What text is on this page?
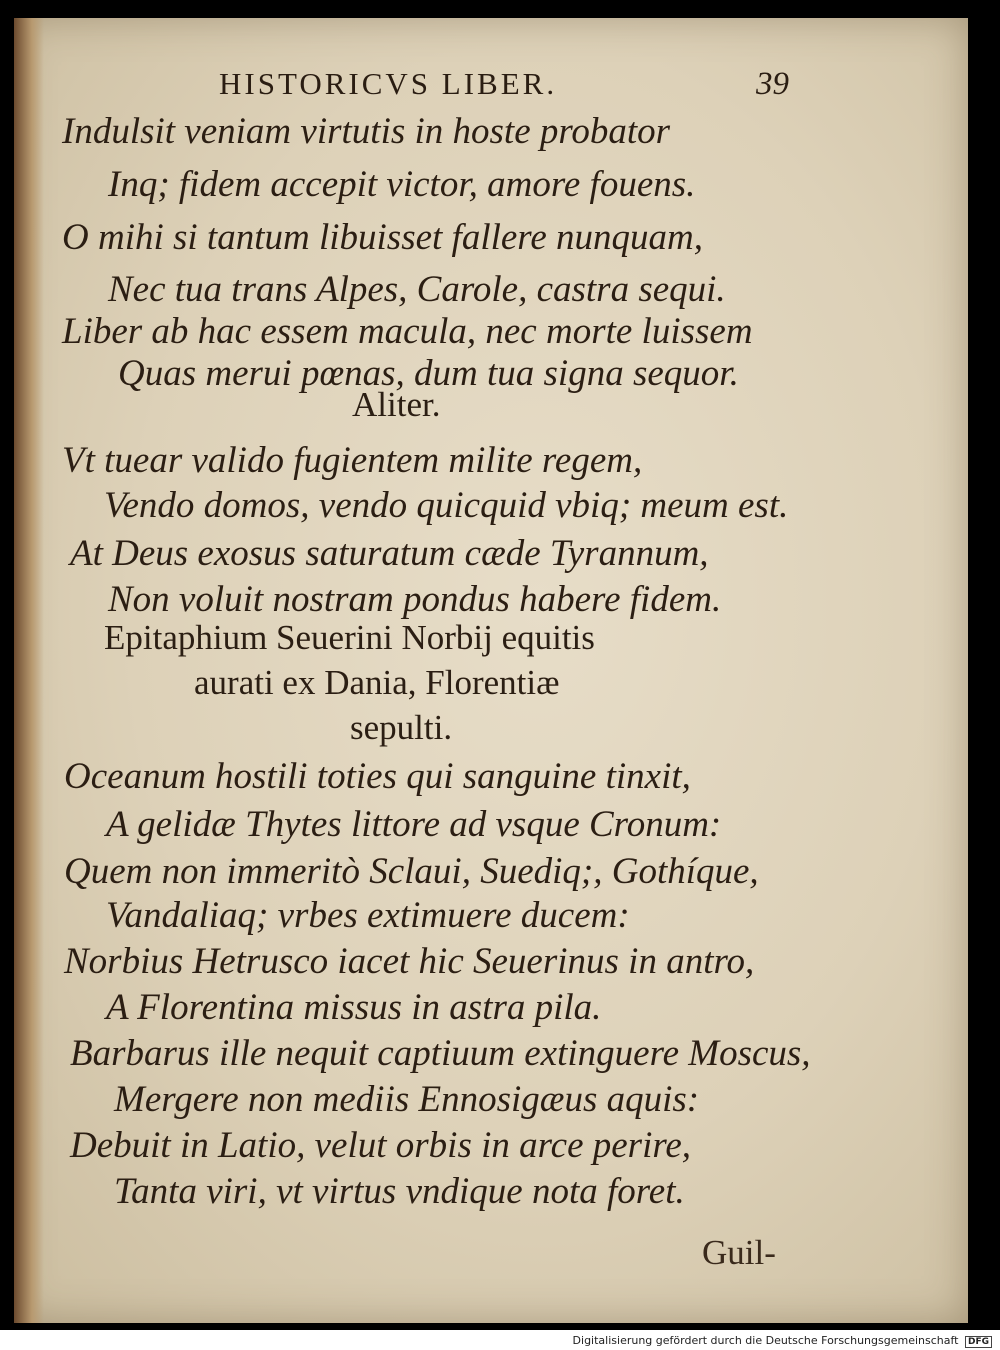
HISTORICVS LIBER.	39
Indulsit veniam virtutis in hoste probator
Inq; fidem accepit victor, amore fouens.
O mihi si tantum libuisset fallere nunquam,
Nec tua trans Alpes, Carole, castra sequi.
Liber ab hac essem macula, nec morte luissem
Quas merui pœnas, dum tua signa sequor.
Aliter.
Vt tuear valido fugientem milite regem,
Vendo domos, vendo quicquid vbiq; meum est.
At Deus exosus saturatum cæde Tyrannum,
Non voluit nostram pondus habere fidem.
Epitaphium Seuerini Norbij equitis
aurati ex Dania, Florentiæ
sepulti.
Oceanum hostili toties qui sanguine tinxit,
A gelidæ Thytes littore ad vsque Cronum:
Quem non immeritò Sclaui, Suediq;, Gothíque,
Vandaliaq; vrbes extimuere ducem:
Norbius Hetrusco iacet hic Seuerinus in antro,
A Florentina missus in astra pila.
Barbarus ille nequit captiuum extinguere Moscus,
Mergere non mediis Ennosigæus aquis:
Debuit in Latio, velut orbis in arce perire,
Tanta viri, vt virtus vndique nota foret.
Guil-
Digitalisierung gefördert durch die Deutsche Forschungsgemeinschaft DFG
